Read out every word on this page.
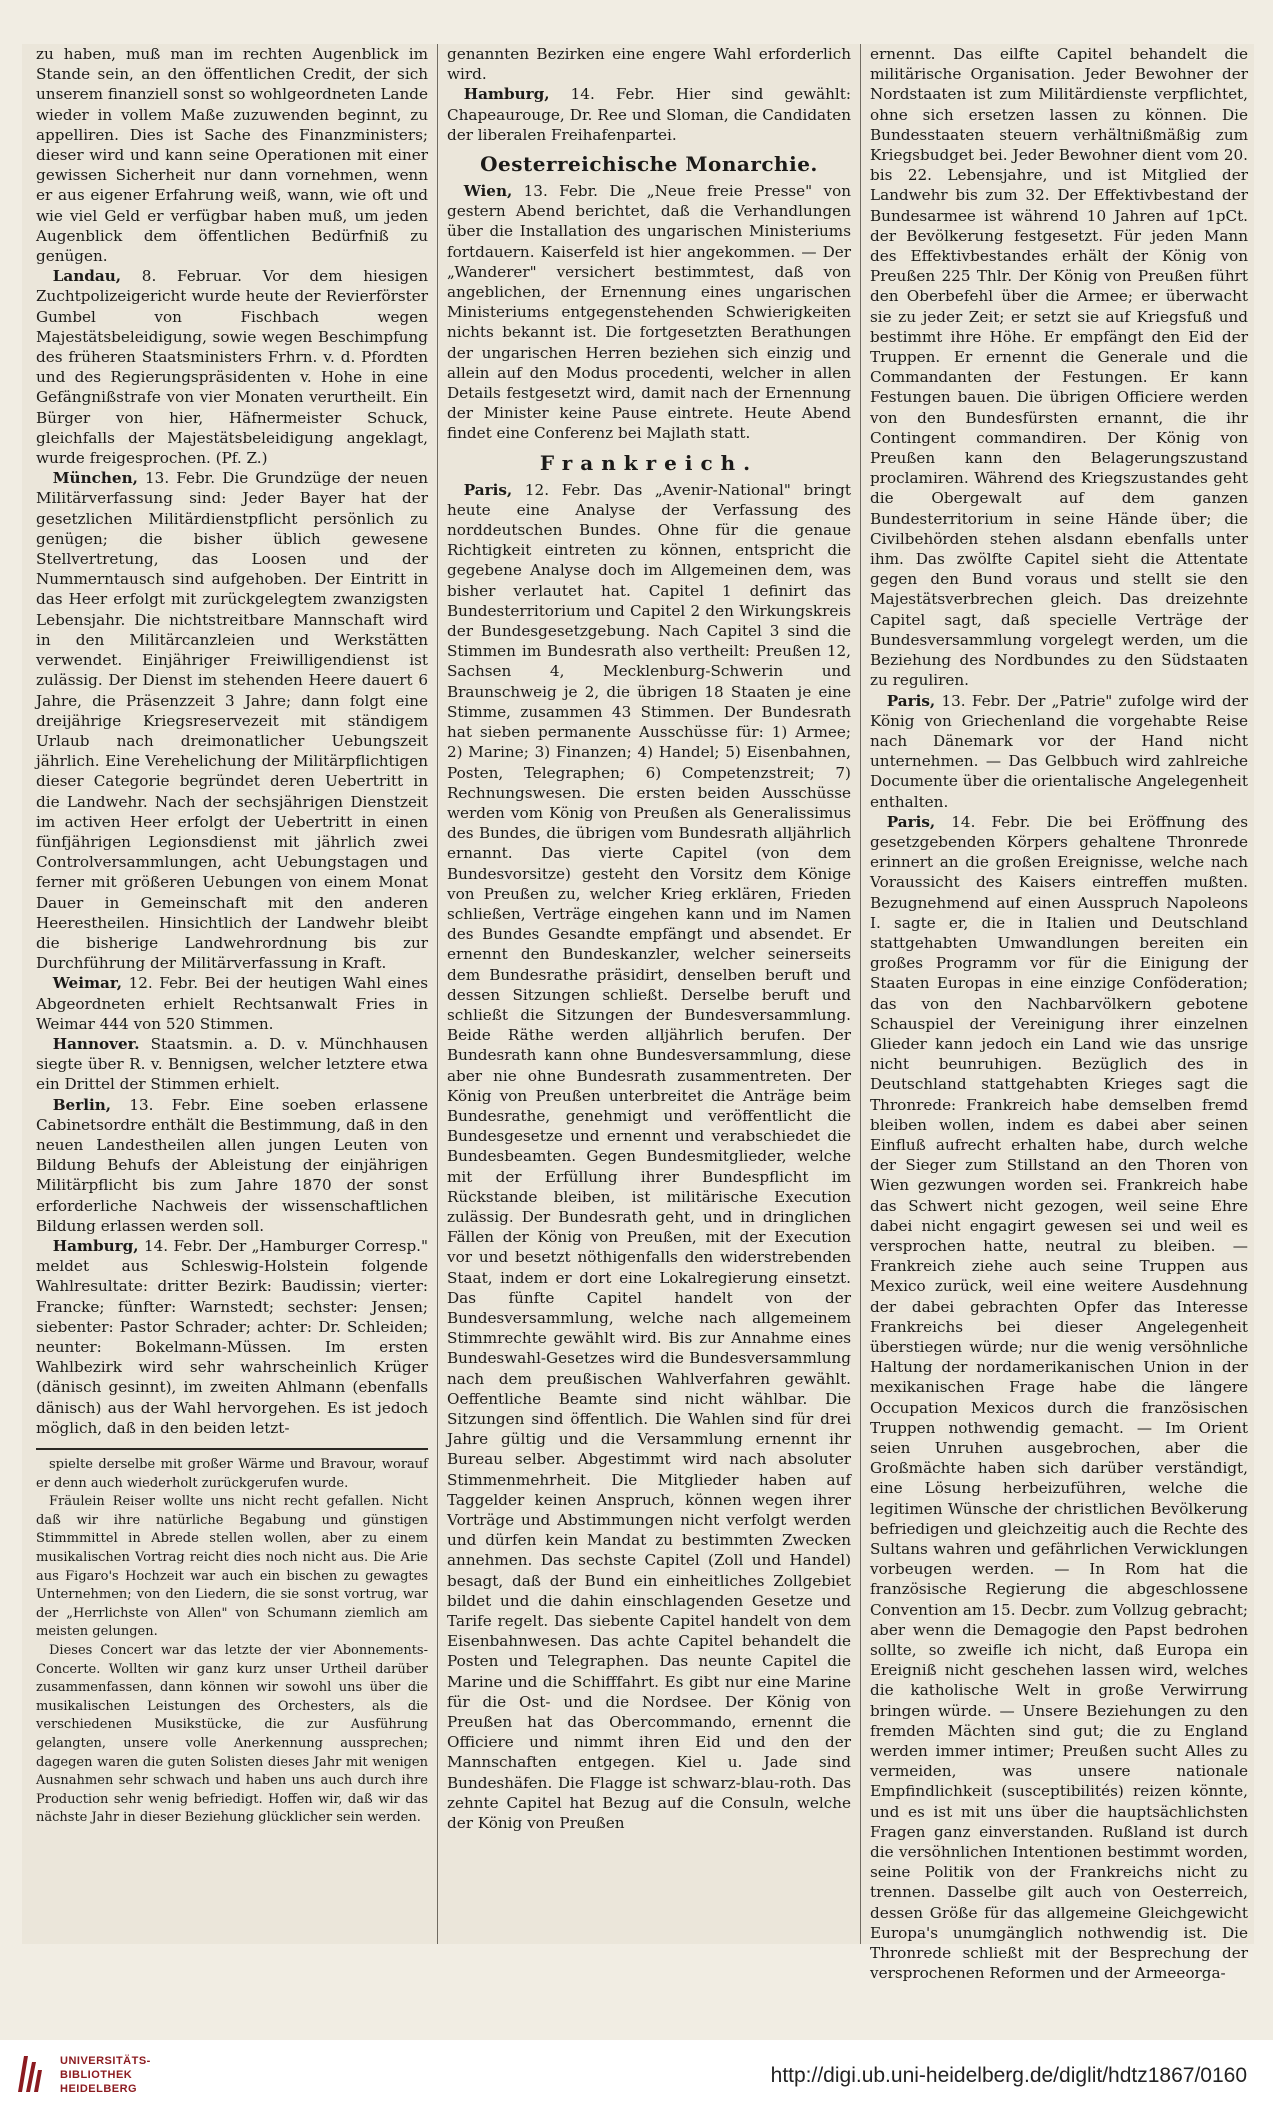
zu haben, muß man im rechten Augenblick im Stande sein, an den öffentlichen Credit, der sich unserem finanziell sonst so wohlgeordneten Lande wieder in vollem Maße zuzuwenden beginnt, zu appelliren. Dies ist Sache des Finanzministers; dieser wird und kann seine Operationen mit einer gewissen Sicherheit nur dann vornehmen, wenn er aus eigener Erfahrung weiß, wann, wie oft und wie viel Geld er verfügbar haben muß, um jeden Augenblick dem öffentlichen Bedürfniß zu genügen.

Landau, 8. Februar. Vor dem hiesigen Zuchtpolizeigericht wurde heute der Revierförster Gumbel von Fischbach wegen Majestätsbeleidigung, sowie wegen Beschimpfung des früheren Staatsministers Frhrn. v. d. Pfordten und des Regierungspräsidenten v. Hohe in eine Gefängnißstrafe von vier Monaten verurtheilt. Ein Bürger von hier, Häfnermeister Schuck, gleichfalls der Majestätsbeleidigung angeklagt, wurde freigesprochen. (Pf. Z.)

München, 13. Febr. Die Grundzüge der neuen Militärverfassung sind: Jeder Bayer hat der gesetzlichen Militärdienstpflicht persönlich zu genügen; die bisher üblich gewesene Stellvertretung, das Loosen und der Nummerntausch sind aufgehoben. Der Eintritt in das Heer erfolgt mit zurückgelegtem zwanzigsten Lebensjahr. Die nichtstreitbare Mannschaft wird in den Militärcanzleien und Werkstätten verwendet. Einjähriger Freiwilligendienst ist zulässig. Der Dienst im stehenden Heere dauert 6 Jahre, die Präsenzzeit 3 Jahre; dann folgt eine dreijährige Kriegsreservezeit mit ständigem Urlaub nach dreimonatlicher Uebungszeit jährlich. Eine Verehelichung der Militärpflichtigen dieser Categorie begründet deren Uebertritt in die Landwehr. Nach der sechsjährigen Dienstzeit im activen Heer erfolgt der Uebertritt in einen fünfjährigen Legionsdienst mit jährlich zwei Controlversammlungen, acht Uebungstagen und ferner mit größeren Uebungen von einem Monat Dauer in Gemeinschaft mit den anderen Heerestheilen. Hinsichtlich der Landwehr bleibt die bisherige Landwehrordnung bis zur Durchführung der Militärverfassung in Kraft.

Weimar, 12. Febr. Bei der heutigen Wahl eines Abgeordneten erhielt Rechtsanwalt Fries in Weimar 444 von 520 Stimmen.

Hannover. Staatsmin. a. D. v. Münchhausen siegte über R. v. Bennigsen, welcher letztere etwa ein Drittel der Stimmen erhielt.

Berlin, 13. Febr. Eine soeben erlassene Cabinetsordre enthält die Bestimmung, daß in den neuen Landestheilen allen jungen Leuten von Bildung Behufs der Ableistung der einjährigen Militärpflicht bis zum Jahre 1870 der sonst erforderliche Nachweis der wissenschaftlichen Bildung erlassen werden soll.

Hamburg, 14. Febr. Der „Hamburger Corresp." meldet aus Schleswig-Holstein folgende Wahlresultate: dritter Bezirk: Baudissin; vierter: Francke; fünfter: Warnstedt; sechster: Jensen; siebenter: Pastor Schrader; achter: Dr. Schleiden; neunter: Bokelmann-Müssen. Im ersten Wahlbezirk wird sehr wahrscheinlich Krüger (dänisch gesinnt), im zweiten Ahlmann (ebenfalls dänisch) aus der Wahl hervorgehen. Es ist jedoch möglich, daß in den beiden letzt-

spielte derselbe mit großer Wärme und Bravour, worauf er denn auch wiederholt zurückgerufen wurde.

Fräulein Reiser wollte uns nicht recht gefallen. Nicht daß wir ihre natürliche Begabung und günstigen Stimmmittel in Abrede stellen wollen, aber zu einem musikalischen Vortrag reicht dies noch nicht aus. Die Arie aus Figaro's Hochzeit war auch ein bischen zu gewagtes Unternehmen; von den Liedern, die sie sonst vortrug, war der „Herrlichste von Allen" von Schumann ziemlich am meisten gelungen.

Dieses Concert war das letzte der vier Abonnements-Concerte. Wollten wir ganz kurz unser Urtheil darüber zusammenfassen, dann können wir sowohl uns über die musikalischen Leistungen des Orchesters, als die verschiedenen Musikstücke, die zur Ausführung gelangten, unsere volle Anerkennung aussprechen; dagegen waren die guten Solisten dieses Jahr mit wenigen Ausnahmen sehr schwach und haben uns auch durch ihre Production sehr wenig befriedigt. Hoffen wir, daß wir das nächste Jahr in dieser Beziehung glücklicher sein werden.

genannten Bezirken eine engere Wahl erforderlich wird.

Hamburg, 14. Febr. Hier sind gewählt: Chapeaurouge, Dr. Ree und Sloman, die Candidaten der liberalen Freihafenpartei.

Oesterreichische Monarchie.

Wien, 13. Febr. Die „Neue freie Presse" von gestern Abend berichtet, daß die Verhandlungen über die Installation des ungarischen Ministeriums fortdauern. Kaiserfeld ist hier angekommen. — Der „Wanderer" versichert bestimmtest, daß von angeblichen, der Ernennung eines ungarischen Ministeriums entgegenstehenden Schwierigkeiten nichts bekannt ist. Die fortgesetzten Berathungen der ungarischen Herren beziehen sich einzig und allein auf den Modus procedenti, welcher in allen Details festgesetzt wird, damit nach der Ernennung der Minister keine Pause eintrete. Heute Abend findet eine Conferenz bei Majlath statt.

Frankreich.

Paris, 12. Febr. Das „Avenir-National" bringt heute eine Analyse der Verfassung des norddeutschen Bundes. Ohne für die genaue Richtigkeit eintreten zu können, entspricht die gegebene Analyse doch im Allgemeinen dem, was bisher verlautet hat. Capitel 1 definirt das Bundesterritorium und Capitel 2 den Wirkungskreis der Bundesgesetzgebung. Nach Capitel 3 sind die Stimmen im Bundesrath also vertheilt: Preußen 12, Sachsen 4, Mecklenburg-Schwerin und Braunschweig je 2, die übrigen 18 Staaten je eine Stimme, zusammen 43 Stimmen. Der Bundesrath hat sieben permanente Ausschüsse für: 1) Armee; 2) Marine; 3) Finanzen; 4) Handel; 5) Eisenbahnen, Posten, Telegraphen; 6) Competenzstreit; 7) Rechnungswesen. Die ersten beiden Ausschüsse werden vom König von Preußen als Generalissimus des Bundes, die übrigen vom Bundesrath alljährlich ernannt. Das vierte Capitel (von dem Bundesvorsitze) gesteht den Vorsitz dem Könige von Preußen zu, welcher Krieg erklären, Frieden schließen, Verträge eingehen kann und im Namen des Bundes Gesandte empfängt und absendet. Er ernennt den Bundeskanzler, welcher seinerseits dem Bundesrathe präsidirt, denselben beruft und dessen Sitzungen schließt. Derselbe beruft und schließt die Sitzungen der Bundesversammlung. Beide Räthe werden alljährlich berufen. Der Bundesrath kann ohne Bundesversammlung, diese aber nie ohne Bundesrath zusammentreten. Der König von Preußen unterbreitet die Anträge beim Bundesrathe, genehmigt und veröffentlicht die Bundesgesetze und ernennt und verabschiedet die Bundesbeamten. Gegen Bundesmitglieder, welche mit der Erfüllung ihrer Bundespflicht im Rückstande bleiben, ist militärische Execution zulässig. Der Bundesrath geht, und in dringlichen Fällen der König von Preußen, mit der Execution vor und besetzt nöthigenfalls den widerstrebenden Staat, indem er dort eine Lokalregierung einsetzt. Das fünfte Capitel handelt von der Bundesversammlung, welche nach allgemeinem Stimmrechte gewählt wird. Bis zur Annahme eines Bundeswahl-Gesetzes wird die Bundesversammlung nach dem preußischen Wahlverfahren gewählt. Oeffentliche Beamte sind nicht wählbar. Die Sitzungen sind öffentlich. Die Wahlen sind für drei Jahre gültig und die Versammlung ernennt ihr Bureau selber. Abgestimmt wird nach absoluter Stimmenmehrheit. Die Mitglieder haben auf Taggelder keinen Anspruch, können wegen ihrer Vorträge und Abstimmungen nicht verfolgt werden und dürfen kein Mandat zu bestimmten Zwecken annehmen. Das sechste Capitel (Zoll und Handel) besagt, daß der Bund ein einheitliches Zollgebiet bildet und die dahin einschlagenden Gesetze und Tarife regelt. Das siebente Capitel handelt von dem Eisenbahnwesen. Das achte Capitel behandelt die Posten und Telegraphen. Das neunte Capitel die Marine und die Schifffahrt. Es gibt nur eine Marine für die Ost- und die Nordsee. Der König von Preußen hat das Obercommando, ernennt die Officiere und nimmt ihren Eid und den der Mannschaften entgegen. Kiel u. Jade sind Bundeshäfen. Die Flagge ist schwarz-blau-roth. Das zehnte Capitel hat Bezug auf die Consuln, welche der König von Preußen

ernennt. Das eilfte Capitel behandelt die militärische Organisation. Jeder Bewohner der Nordstaaten ist zum Militärdienste verpflichtet, ohne sich ersetzen lassen zu können. Die Bundesstaaten steuern verhältnißmäßig zum Kriegsbudget bei. Jeder Bewohner dient vom 20. bis 22. Lebensjahre, und ist Mitglied der Landwehr bis zum 32. Der Effektivbestand der Bundesarmee ist während 10 Jahren auf 1pCt. der Bevölkerung festgesetzt. Für jeden Mann des Effektivbestandes erhält der König von Preußen 225 Thlr. Der König von Preußen führt den Oberbefehl über die Armee; er überwacht sie zu jeder Zeit; er setzt sie auf Kriegsfuß und bestimmt ihre Höhe. Er empfängt den Eid der Truppen. Er ernennt die Generale und die Commandanten der Festungen. Er kann Festungen bauen. Die übrigen Officiere werden von den Bundesfürsten ernannt, die ihr Contingent commandiren. Der König von Preußen kann den Belagerungszustand proclamiren. Während des Kriegszustandes geht die Obergewalt auf dem ganzen Bundesterritorium in seine Hände über; die Civilbehörden stehen alsdann ebenfalls unter ihm. Das zwölfte Capitel sieht die Attentate gegen den Bund voraus und stellt sie den Majestätsverbrechen gleich. Das dreizehnte Capitel sagt, daß specielle Verträge der Bundesversammlung vorgelegt werden, um die Beziehung des Nordbundes zu den Südstaaten zu reguliren.

Paris, 13. Febr. Der „Patrie" zufolge wird der König von Griechenland die vorgehabte Reise nach Dänemark vor der Hand nicht unternehmen. — Das Gelbbuch wird zahlreiche Documente über die orientalische Angelegenheit enthalten.

Paris, 14. Febr. Die bei Eröffnung des gesetzgebenden Körpers gehaltene Thronrede erinnert an die großen Ereignisse, welche nach Voraussicht des Kaisers eintreffen mußten. Bezugnehmend auf einen Ausspruch Napoleons I. sagte er, die in Italien und Deutschland stattgehabten Umwandlungen bereiten ein großes Programm vor für die Einigung der Staaten Europas in eine einzige Conföderation; das von den Nachbarvölkern gebotene Schauspiel der Vereinigung ihrer einzelnen Glieder kann jedoch ein Land wie das unsrige nicht beunruhigen. Bezüglich des in Deutschland stattgehabten Krieges sagt die Thronrede: Frankreich habe demselben fremd bleiben wollen, indem es dabei aber seinen Einfluß aufrecht erhalten habe, durch welche der Sieger zum Stillstand an den Thoren von Wien gezwungen worden sei. Frankreich habe das Schwert nicht gezogen, weil seine Ehre dabei nicht engagirt gewesen sei und weil es versprochen hatte, neutral zu bleiben. — Frankreich ziehe auch seine Truppen aus Mexico zurück, weil eine weitere Ausdehnung der dabei gebrachten Opfer das Interesse Frankreichs bei dieser Angelegenheit überstiegen würde; nur die wenig versöhnliche Haltung der nordamerikanischen Union in der mexikanischen Frage habe die längere Occupation Mexicos durch die französischen Truppen nothwendig gemacht. — Im Orient seien Unruhen ausgebrochen, aber die Großmächte haben sich darüber verständigt, eine Lösung herbeizuführen, welche die legitimen Wünsche der christlichen Bevölkerung befriedigen und gleichzeitig auch die Rechte des Sultans wahren und gefährlichen Verwicklungen vorbeugen werden. — In Rom hat die französische Regierung die abgeschlossene Convention am 15. Decbr. zum Vollzug gebracht; aber wenn die Demagogie den Papst bedrohen sollte, so zweifle ich nicht, daß Europa ein Ereigniß nicht geschehen lassen wird, welches die katholische Welt in große Verwirrung bringen würde. — Unsere Beziehungen zu den fremden Mächten sind gut; die zu England werden immer intimer; Preußen sucht Alles zu vermeiden, was unsere nationale Empfindlichkeit (susceptibilités) reizen könnte, und es ist mit uns über die hauptsächlichsten Fragen ganz einverstanden. Rußland ist durch die versöhnlichen Intentionen bestimmt worden, seine Politik von der Frankreichs nicht zu trennen. Dasselbe gilt auch von Oesterreich, dessen Größe für das allgemeine Gleichgewicht Europa's unumgänglich nothwendig ist. Die Thronrede schließt mit der Besprechung der versprochenen Reformen und der Armeeorga-

UNIVERSITÄTS-
BIBLIOTHEK
HEIDELBERG
http://digi.ub.uni-heidelberg.de/diglit/hdtz1867/0160
